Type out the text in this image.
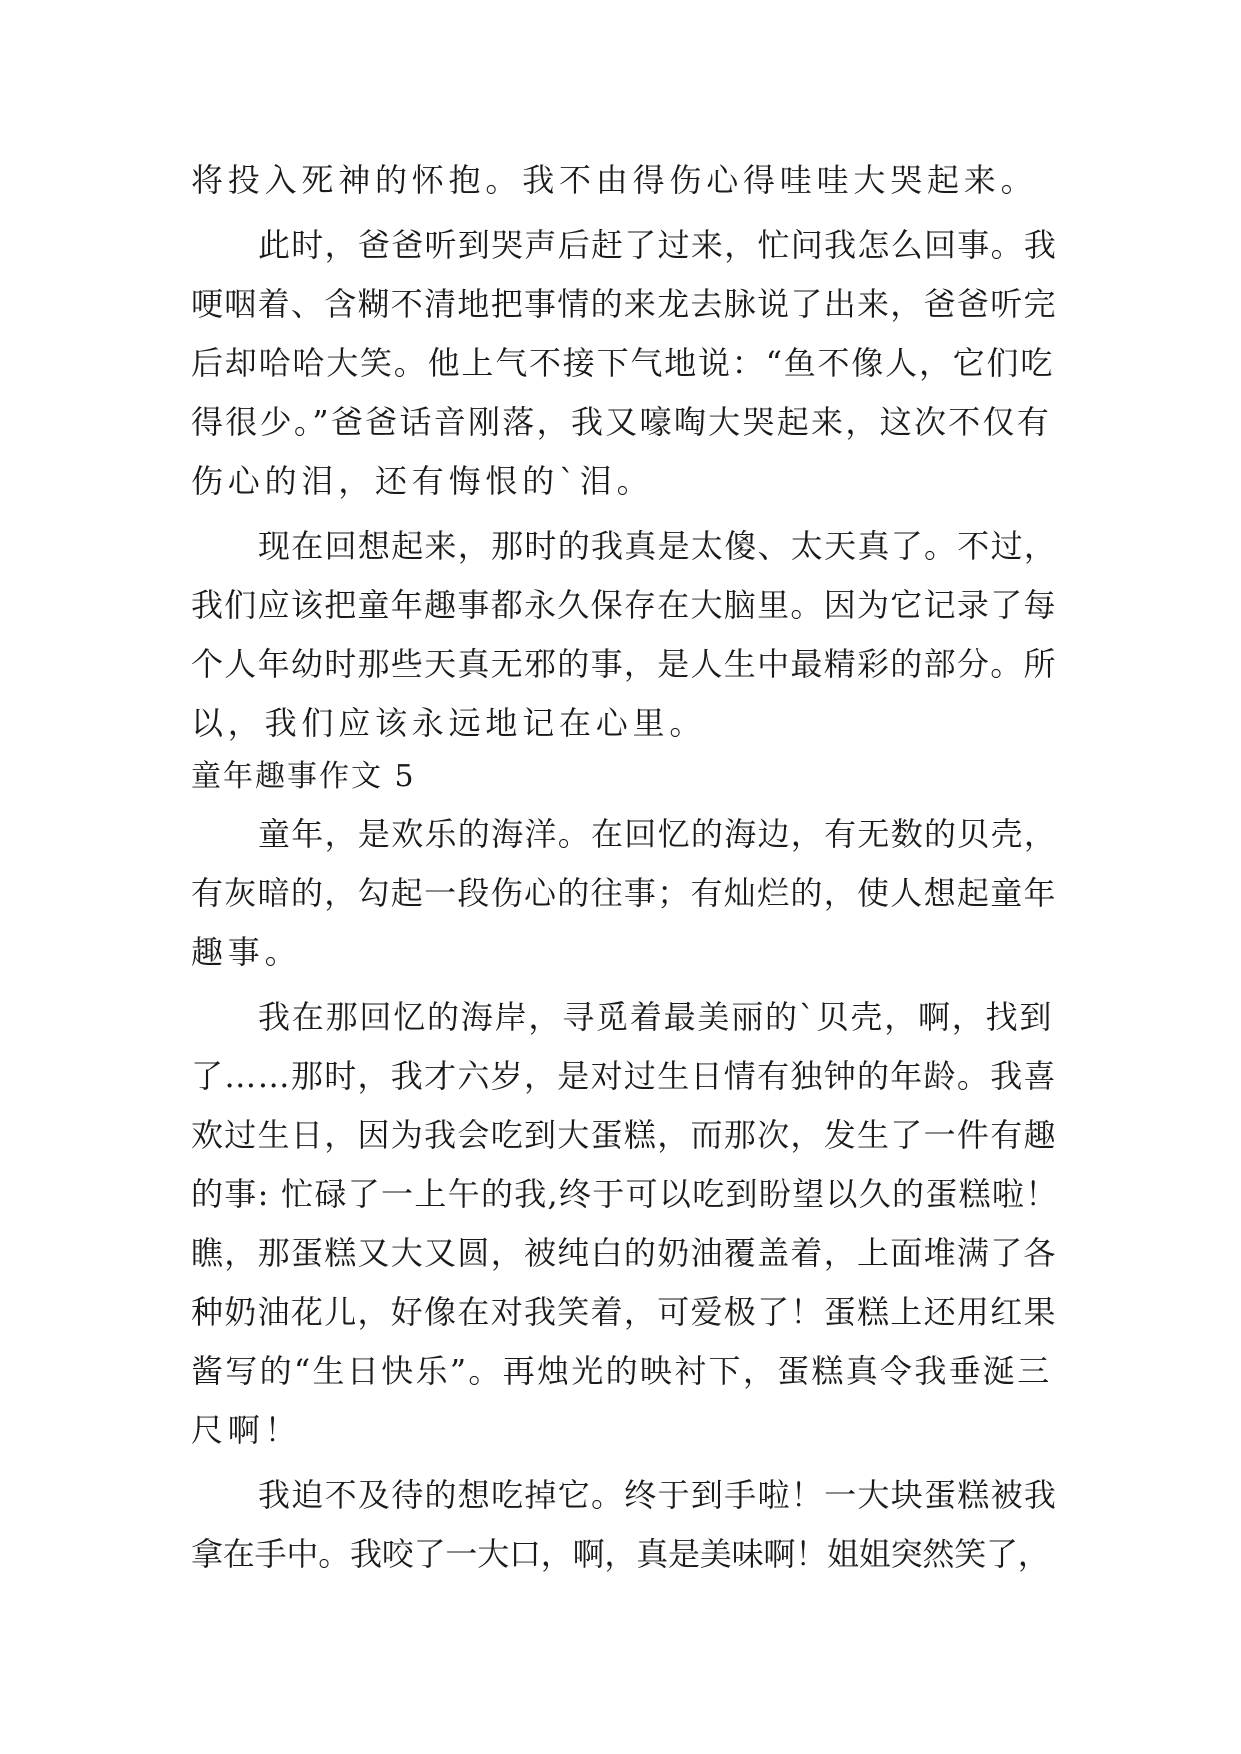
将投入死神的怀抱。我不由得伤心得哇哇大哭起来。
此时，爸爸听到哭声后赶了过来，忙问我怎么回事。我
哽咽着、含糊不清地把事情的来龙去脉说了出来，爸爸听完
后却哈哈大笑。他上气不接下气地说：“鱼不像人，它们吃
得很少。”爸爸话音刚落，我又嚎啕大哭起来，这次不仅有
伤心的泪，还有悔恨的`泪。
现在回想起来，那时的我真是太傻、太天真了。不过，
我们应该把童年趣事都永久保存在大脑里。因为它记录了每
个人年幼时那些天真无邪的事，是人生中最精彩的部分。所
以，我们应该永远地记在心里。
童年趣事作文 5
童年，是欢乐的海洋。在回忆的海边，有无数的贝壳，
有灰暗的，勾起一段伤心的往事；有灿烂的，使人想起童年
趣事。
我在那回忆的海岸，寻觅着最美丽的`贝壳，啊，找到
了……那时，我才六岁，是对过生日情有独钟的年龄。我喜
欢过生日，因为我会吃到大蛋糕，而那次，发生了一件有趣
的事: 忙碌了一上午的我,终于可以吃到盼望以久的蛋糕啦！
瞧，那蛋糕又大又圆，被纯白的奶油覆盖着，上面堆满了各
种奶油花儿，好像在对我笑着，可爱极了！蛋糕上还用红果
酱写的“生日快乐”。再烛光的映衬下，蛋糕真令我垂涎三
尺啊！
我迫不及待的想吃掉它。终于到手啦！一大块蛋糕被我
拿在手中。我咬了一大口，啊，真是美味啊！姐姐突然笑了，
